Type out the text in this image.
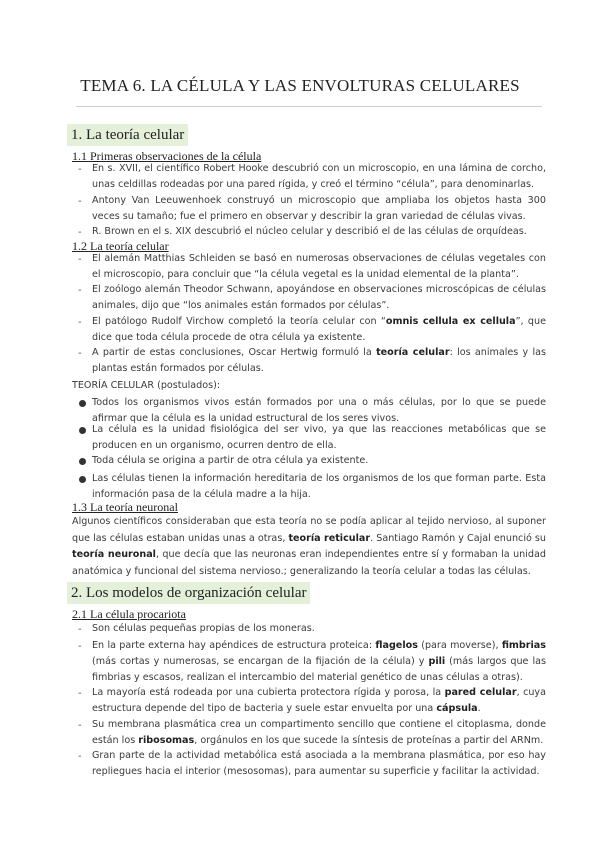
TEMA 6. LA CÉLULA Y LAS ENVOLTURAS CELULARES
1. La teoría celular
1.1 Primeras observaciones de la célula
-	En s. XVII, el científico Robert Hooke descubrió con un microscopio, en una lámina de corcho, unas celdillas rodeadas por una pared rígida, y creó el término “célula”, para denominarlas.

-	Antony Van Leeuwenhoek construyó un microscopio que ampliaba los objetos hasta 300 veces su tamaño; fue el primero en observar y describir la gran variedad de células vivas.

-	R. Brown en el s. XIX descubrió el núcleo celular y describió el de las células de orquídeas.

1.2 La teoría celular
-	El alemán Matthias Schleiden se basó en numerosas observaciones de células vegetales con el microscopio, para concluir que “la célula vegetal es la unidad elemental de la planta”.

-	El zoólogo alemán Theodor Schwann, apoyándose en observaciones microscópicas de células animales, dijo que “los animales están formados por células”.

-	El patólogo Rudolf Virchow completó la teoría celular con “omnis cellula ex cellula”, que dice que toda célula procede de otra célula ya existente.

-	A partir de estas conclusiones, Oscar Hertwig formuló la teoría celular: los animales y las plantas están formados por células.

TEORÍA CELULAR (postulados):

Todos los organismos vivos están formados por una o más células, por lo que se puede afirmar que la célula es la unidad estructural de los seres vivos.

La célula es la unidad fisiológica del ser vivo, ya que las reacciones metabólicas que se producen en un organismo, ocurren dentro de ella.

Toda célula se origina a partir de otra célula ya existente.

Las células tienen la información hereditaria de los organismos de los que forman parte. Esta información pasa de la célula madre a la hija.

1.3 La teoría neuronal

Algunos científicos consideraban que esta teoría no se podía aplicar al tejido nervioso, al suponer que las células estaban unidas unas a otras, teoría reticular. Santiago Ramón y Cajal enunció su teoría neuronal, que decía que las neuronas eran independientes entre sí y formaban la unidad anatómica y funcional del sistema nervioso.; generalizando la teoría celular a todas las células.

2. Los modelos de organización celular
2.1 La célula procariota
-	Son células pequeñas propias de los moneras.

-	En la parte externa hay apéndices de estructura proteica: flagelos (para moverse), fimbrias (más cortas y numerosas, se encargan de la fijación de la célula) y pili (más largos que las fimbrias y escasos, realizan el intercambio del material genético de unas células a otras).

-	La mayoría está rodeada por una cubierta protectora rígida y porosa, la pared celular, cuya estructura depende del tipo de bacteria y suele estar envuelta por una cápsula.

-	Su membrana plasmática crea un compartimento sencillo que contiene el citoplasma, donde están los ribosomas, orgánulos en los que sucede la síntesis de proteínas a partir del ARNm.

-	Gran parte de la actividad metabólica está asociada a la membrana plasmática, por eso hay repliegues hacia el interior (mesosomas), para aumentar su superficie y facilitar la actividad.
